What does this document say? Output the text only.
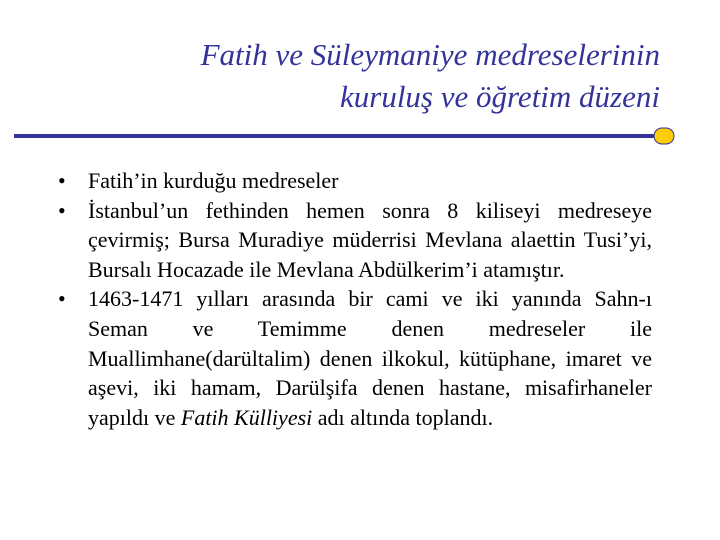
Fatih ve Süleymaniye medreselerinin
kuruluş ve öğretim düzeni
•	Fatih’in kurduğu medreseler
•	İstanbul’un fethinden hemen sonra 8 kiliseyi medreseye çevirmiş; Bursa Muradiye müderrisi Mevlana alaettin Tusi’yi, Bursalı Hocazade ile Mevlana Abdülkerim’i atamıştır.
•	1463-1471 yılları arasında bir cami ve iki yanında Sahn-ı Seman ve Temimme denen medreseler ile Muallimhane(darültalim) denen ilkokul, kütüphane, imaret ve aşevi, iki hamam, Darülşifa denen hastane, misafirhaneler yapıldı ve Fatih Külliyesi adı altında toplandı.
